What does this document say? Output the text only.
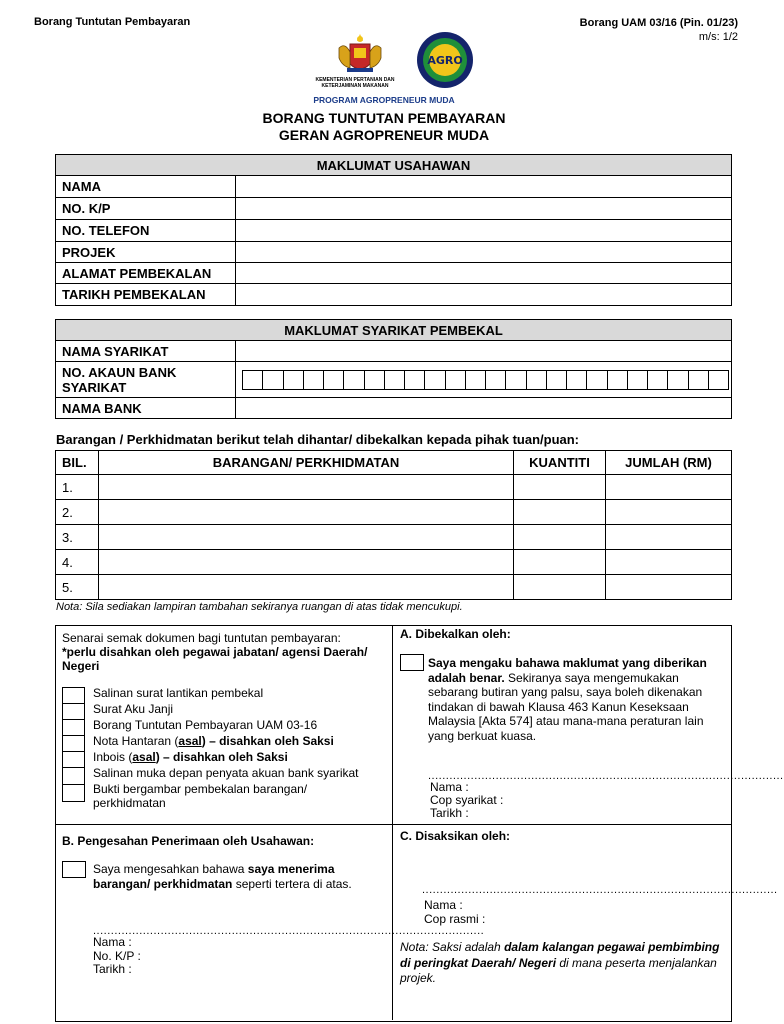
Borang Tuntutan Pembayaran	Borang UAM 03/16 (Pin. 01/23)
m/s: 1/2
AGRO
KEMENTERIAN PERTANIAN DAN KETERJAMINAN MAKANAN
PROGRAM AGROPRENEUR MUDA
BORANG TUNTUTAN PEMBAYARAN
GERAN AGROPRENEUR MUDA
MAKLUMAT USAHAWAN	
NAMA	
NO. K/P	
NO. TELEFON	
PROJEK	
ALAMAT PEMBEKALAN	
TARIKH PEMBEKALAN	
MAKLUMAT SYARIKAT PEMBEKAL	
NAMA SYARIKAT	
NO. AKAUN BANK SYARIKAT	

NAMA BANK	
Barangan / Perkhidmatan berikut telah dihantar/ dibekalkan kepada pihak tuan/puan:
BIL.	BARANGAN/ PERKHIDMATAN	KUANTITI	JUMLAH (RM)
1.			
2.			
3.			
4.			
5.			
Nota: Sila sediakan lampiran tambahan sekiranya ruangan di atas tidak mencukupi.
Senarai semak dokumen bagi tuntutan pembayaran:
*perlu disahkan oleh pegawai jabatan/ agensi Daerah/ Negeri
Salinan surat lantikan pembekal
Surat Aku Janji
Borang Tuntutan Pembayaran UAM 03-16
Nota Hantaran (asal) – disahkan oleh Saksi
Inbois (asal) – disahkan oleh Saksi
Salinan muka depan penyata akuan bank syarikat
Bukti bergambar pembekalan barangan/
perkhidmatan
A. Dibekalkan oleh:
Saya mengaku bahawa maklumat yang diberikan adalah benar. Sekiranya saya mengemukakan sebarang butiran yang palsu, saya boleh dikenakan tindakan di bawah Klausa 463 Kanun Keseksaan Malaysia [Akta 574] atau mana-mana peraturan lain yang berkuat kuasa.
....................................................................................................
Nama :
Cop syarikat :
Tarikh :
B. Pengesahan Penerimaan oleh Usahawan:
Saya mengesahkan bahawa saya menerima barangan/ perkhidmatan seperti tertera di atas.
..............................................................................................................
Nama :
No. K/P :
Tarikh :
C. Disaksikan oleh:
....................................................................................................
Nama :
Cop rasmi :
Nota: Saksi adalah dalam kalangan pegawai pembimbing di peringkat Daerah/ Negeri di mana peserta menjalankan projek.
